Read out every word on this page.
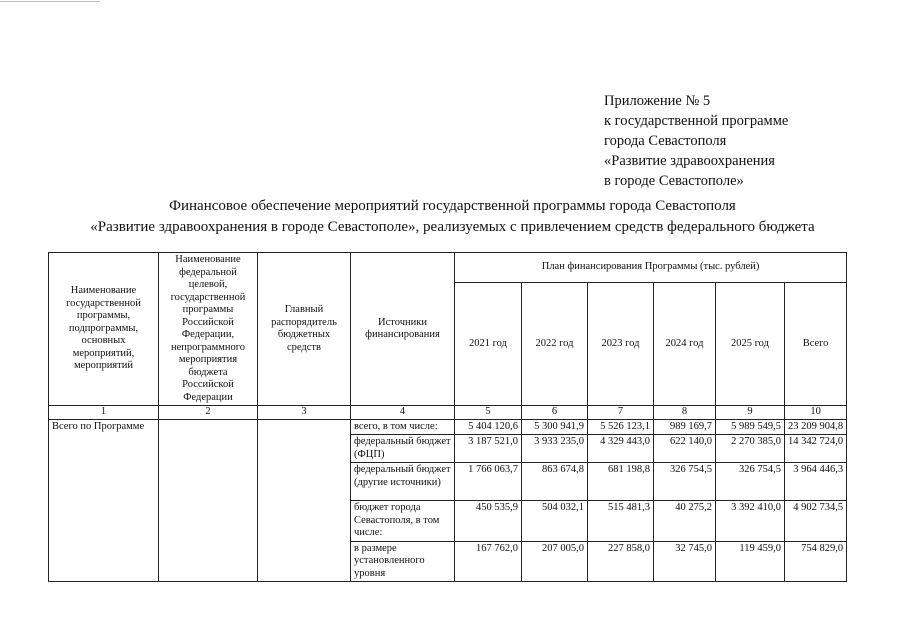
Приложение № 5
к государственной программе
города Севастополя
«Развитие здравоохранения
в городе Севастополе»
Финансовое обеспечение мероприятий государственной программы города Севастополя
«Развитие здравоохранения в городе Севастополе», реализуемых с привлечением средств федерального бюджета
Наименование государственной программы, подпрограммы, основных мероприятий, мероприятий	Наименование федеральной целевой, государственной программы Российской Федерации, непрограммного мероприятия бюджета Российской Федерации	Главный распорядитель бюджетных средств	Источники финансирования	План финансирования Программы (тыс. рублей)					
				2021 год	2022 год	2023 год	2024 год	2025 год	Всего
1	2	3	4	5	6	7	8	9	10
Всего по Программе			всего, в том числе:	5 404 120,6	5 300 941,9	5 526 123,1	989 169,7	5 989 549,5	23 209 904,8
			федеральный бюджет (ФЦП)	3 187 521,0	3 933 235,0	4 329 443,0	622 140,0	2 270 385,0	14 342 724,0
			федеральный бюджет (другие источники)	1 766 063,7	863 674,8	681 198,8	326 754,5	326 754,5	3 964 446,3
			бюджет города Севастополя, в том числе:	450 535,9	504 032,1	515 481,3	40 275,2	3 392 410,0	4 902 734,5
			в размере установленного уровня	167 762,0	207 005,0	227 858,0	32 745,0	119 459,0	754 829,0
